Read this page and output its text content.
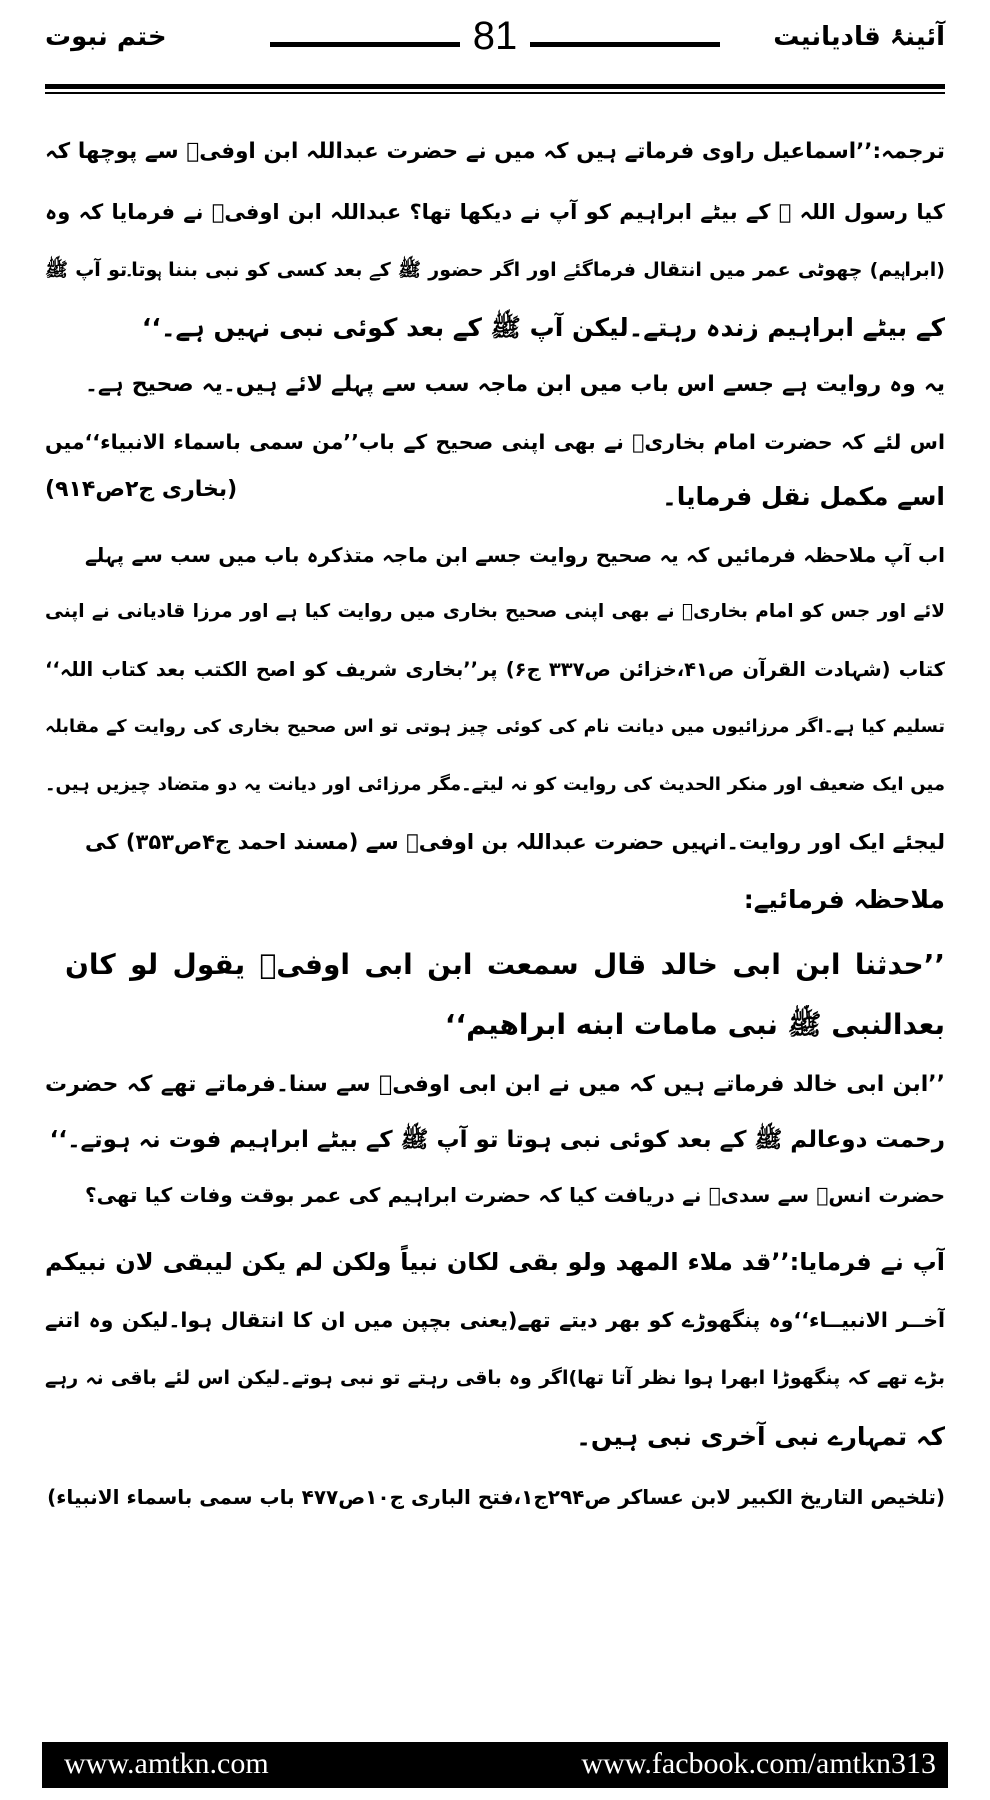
آئینۂ قادیانیت
81
ختم نبوت
ترجمہ:’’اسماعیل راوی فرماتے ہیں کہ میں نے حضرت عبداللہ ابن اوفیؓ سے پوچھا کہ
کیا رسول اللہ ﷺ کے بیٹے ابراہیم کو آپ نے دیکھا تھا؟ عبداللہ ابن اوفیؓ نے فرمایا کہ وہ
(ابراہیم) چھوٹی عمر میں انتقال فرماگئے اور اگر حضور ﷺ کے بعد کسی کو نبی بننا ہوتا۔تو آپ ﷺ
کے بیٹے ابراہیم زندہ رہتے۔لیکن آپ ﷺ کے بعد کوئی نبی نہیں ہے۔‘‘
یہ وہ روایت ہے جسے اس باب میں ابن ماجہ سب سے پہلے لائے ہیں۔یہ صحیح ہے۔
اس لئے کہ حضرت امام بخاریؒ نے بھی اپنی صحیح کے باب’’من سمی باسماء الانبیاء‘‘میں
اسے مکمل نقل فرمایا۔
(بخاری ج۲ص۹۱۴)
اب آپ ملاحظہ فرمائیں کہ یہ صحیح روایت جسے ابن ماجہ متذکرہ باب میں سب سے پہلے
لائے اور جس کو امام بخاریؒ نے بھی اپنی صحیح بخاری میں روایت کیا ہے اور مرزا قادیانی نے اپنی
کتاب (شہادت القرآن ص۴۱،خزائن ص۳۳۷ ج۶) پر’’بخاری شریف کو اصح الکتب بعد کتاب اللہ‘‘
تسلیم کیا ہے۔اگر مرزائیوں میں دیانت نام کی کوئی چیز ہوتی تو اس صحیح بخاری کی روایت کے مقابلہ
میں ایک ضعیف اور منکر الحدیث کی روایت کو نہ لیتے۔مگر مرزائی اور دیانت یہ دو متضاد چیزیں ہیں۔
لیجئے ایک اور روایت۔انہیں حضرت عبداللہ بن اوفیؓ سے (مسند احمد ج۴ص۳۵۳) کی
ملاحظہ فرمائیے:
’’حدثنا ابن ابی خالد قال سمعت ابن ابی اوفیؓ یقول لو کان
بعدالنبی ﷺ نبی مامات ابنه ابراهيم‘‘
’’ابن ابی خالد فرماتے ہیں کہ میں نے ابن ابی اوفیؓ سے سنا۔فرماتے تھے کہ حضرت
رحمت دوعالم ﷺ کے بعد کوئی نبی ہوتا تو آپ ﷺ کے بیٹے ابراہیم فوت نہ ہوتے۔‘‘
حضرت انسؓ سے سدیؒ نے دریافت کیا کہ حضرت ابراہیم کی عمر بوقت وفات کیا تھی؟
آپ نے فرمایا:’’قد ملاء المهد ولو بقی لکان نبیاً ولکن لم یکن لیبقی لان نبیکم
آخــر الانبیــاء‘‘وہ پنگھوڑے کو بھر دیتے تھے(یعنی بچپن میں ان کا انتقال ہوا۔لیکن وہ اتنے
بڑے تھے کہ پنگھوڑا ابھرا ہوا نظر آتا تھا)اگر وہ باقی رہتے تو نبی ہوتے۔لیکن اس لئے باقی نہ رہے
کہ تمہارے نبی آخری نبی ہیں۔
(تلخیص التاریخ الکبیر لابن عساکر ص۲۹۴ج۱،فتح الباری ج۱۰ص۴۷۷ باب سمی باسماء الانبیاء)
www.amtkn.com	www.facbook.com/amtkn313
